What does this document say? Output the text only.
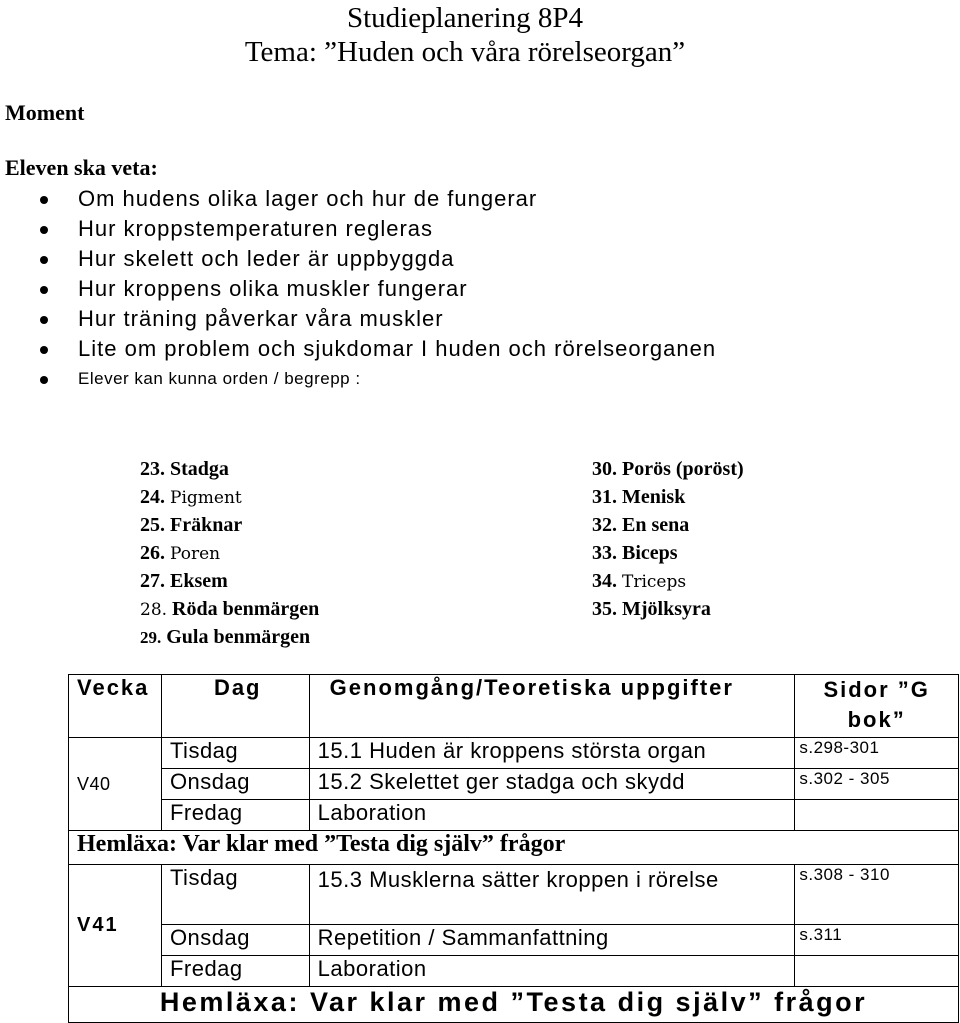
Studieplanering 8P4
Tema: ”Huden och våra rörelseorgan”
Moment
Eleven ska veta:
Om hudens olika lager och hur de fungerar
Hur kroppstemperaturen regleras
Hur skelett och leder är uppbyggda
Hur kroppens olika muskler fungerar
Hur träning påverkar våra muskler
Lite om problem och sjukdomar I huden och rörelseorganen
Elever kan kunna orden / begrepp :
23. Stadga
24. Pigment
25. Fräknar
26. Poren
27. Eksem
28. Röda benmärgen
29. Gula benmärgen
30. Porös (poröst)
31. Menisk
32. En sena
33. Biceps
34. Triceps
35. Mjölksyra
Vecka	Dag	Genomgång/Teoretiska uppgifter	Sidor ”G bok”
V40	Tisdag	15.1 Huden är kroppens största organ	s.298-301
	Onsdag	15.2 Skelettet ger stadga och skydd	s.302 - 305
	Fredag	Laboration	
Hemläxa: Var klar med ”Testa dig själv” frågor			
V41	Tisdag	15.3 Musklerna sätter kroppen i rörelse	s.308 - 310
	Onsdag	Repetition / Sammanfattning	s.311
	Fredag	Laboration	
Hemläxa: Var klar med ”Testa dig själv” frågor			
